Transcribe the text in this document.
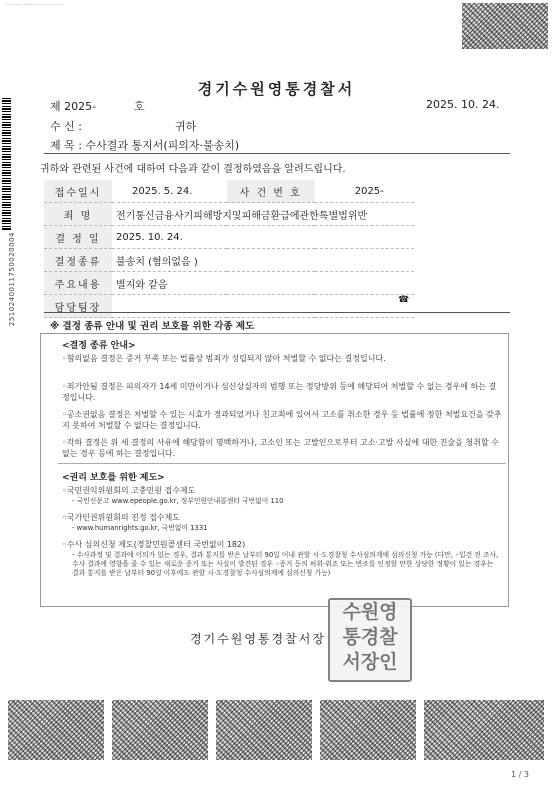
---- ---- ---------- ---- ------
2510240011750020004
경기수원영통경찰서
제 2025-	호	2025. 10. 24.
수 신 :	귀하
제 목 : 수사결과 통지서(피의자·불송치)
귀하와 관련된 사건에 대하여 다음과 같이 결정하였음을 알려드립니다.
접수일시	2025. 5. 24.	사 건 번 호	2025-
죄 명	전기통신금융사기피해방지및피해금환급에관한특별법위반		
결 정 일	2025. 10. 24.		
결정종류	불송치 (혐의없음 )		
주요내용	별지와 같음		
담당팀장			
☎
※ 결정 종류 안내 및 권리 보호를 위한 각종 제도
<결정 종류 안내>
◦혐의없음 결정은 증거 부족 또는 법률상 범죄가 성립되지 않아 처벌할 수 없다는 결정입니다.
◦죄가안됨 결정은 피의자가 14세 미만이거나 심신상실자의 범행 또는 정당방위 등에 해당되어 처벌할 수 없는 경우에 하는 결정입니다.
◦공소권없음 결정은 처벌할 수 있는 시효가 경과되었거나 친고죄에 있어서 고소를 취소한 경우 등 법률에 정한 처벌요건을 갖추지 못하여 처벌할 수 없다는 결정입니다.
◦각하 결정은 위 세 결정의 사유에 해당함이 명백하거나, 고소인 또는 고발인으로부터 고소·고발 사실에 대한 진술을 청취할 수 없는 경우 등에 하는 결정입니다.
<권리 보호를 위한 제도>
◦국민권익위원회의 고충민원 접수제도
- 국민신문고 www.epeople.go.kr, 정부민원안내콜센터 국번없이 110
◦국가인권위원회의 진정 접수제도
- www.humanrights.go.kr, 국번없이 1331
◦수사 심의신청 제도(경찰민원콜센터 국번없이 182)
- 수사과정 및 결과에 이의가 있는 경우, 결과 통지를 받은 날부터 90일 이내 관할 시·도경찰청 수사심의계에 심의신청 가능 (다만, ◦입건 전 조사, 수사 결과에 영향을 줄 수 있는 새로운 증거 또는 사실이 발견된 경우 ◦증거 등의 허위·위조 또는 변조를 인정할 만한 상당한 정황이 있는 경우는 결과 통지를 받은 날부터 90일 이후에도 관할 시·도경찰청 수사심의계에 심의신청 가능)
경기수원영통경찰서장
수원영
통경찰
서장인
1 / 3
